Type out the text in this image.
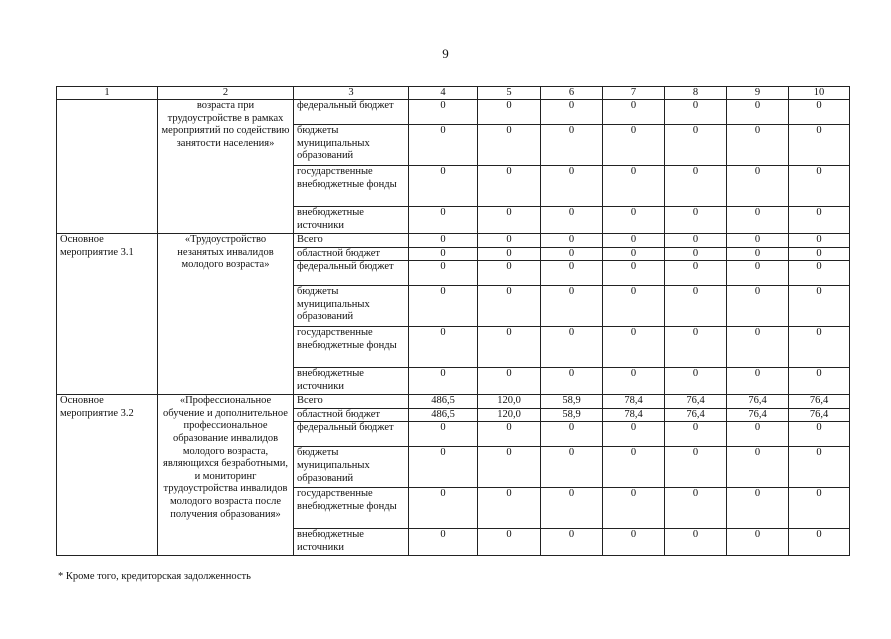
9
1	2	3	4	5	6	7	8	9	10
	возраста при трудоустройстве в рамках мероприятий по содействию занятости населения»	федеральный бюджет	0	0	0	0	0	0	0
		бюджеты муниципальных образований	0	0	0	0	0	0	0
		государственные внебюджетные фонды	0	0	0	0	0	0	0
		внебюджетные источники	0	0	0	0	0	0	0
Основное мероприятие 3.1	«Трудоустройство незанятых инвалидов молодого возраста»	Всего	0	0	0	0	0	0	0
		областной бюджет	0	0	0	0	0	0	0
		федеральный бюджет	0	0	0	0	0	0	0
		бюджеты муниципальных образований	0	0	0	0	0	0	0
		государственные внебюджетные фонды	0	0	0	0	0	0	0
		внебюджетные источники	0	0	0	0	0	0	0
Основное мероприятие 3.2	«Профессиональное обучение и дополнительное профессиональное образование инвалидов молодого возраста, являющихся безработными, и мониторинг трудоустройства инвалидов молодого возраста после получения образования»	Всего	486,5	120,0	58,9	78,4	76,4	76,4	76,4
		областной бюджет	486,5	120,0	58,9	78,4	76,4	76,4	76,4
		федеральный бюджет	0	0	0	0	0	0	0
		бюджеты муниципальных образований	0	0	0	0	0	0	0
		государственные внебюджетные фонды	0	0	0	0	0	0	0
		внебюджетные источники	0	0	0	0	0	0	0
* Кроме того, кредиторская задолженность
